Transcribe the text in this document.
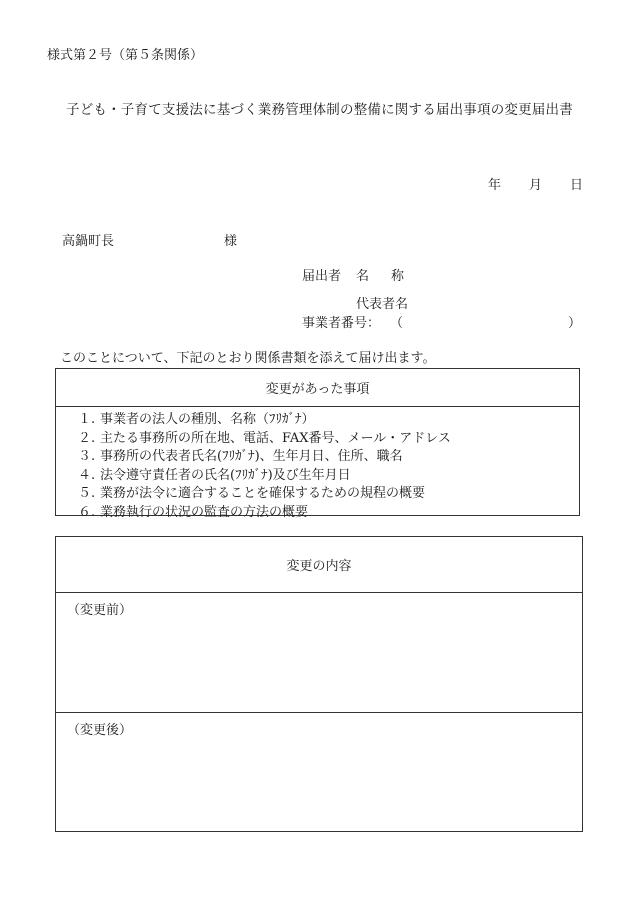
様式第２号（第５条関係）
子ども・子育て支援法に基づく業務管理体制の整備に関する届出事項の変更届出書
年 月 日
高鍋町長	様
届出者 名称
代表者名
事業者番号： （	）
このことについて、下記のとおり関係書類を添えて届け出ます。
変更があった事項
１. 事業者の法人の種別、名称（ﾌﾘｶﾞﾅ）
２. 主たる事務所の所在地、電話、FAX番号、メール・アドレス
３. 事務所の代表者氏名(ﾌﾘｶﾞﾅ)、生年月日、住所、職名
４. 法令遵守責任者の氏名(ﾌﾘｶﾞﾅ)及び生年月日
５. 業務が法令に適合することを確保するための規程の概要
６. 業務執行の状況の監査の方法の概要
変更の内容
（変更前）
（変更後）
